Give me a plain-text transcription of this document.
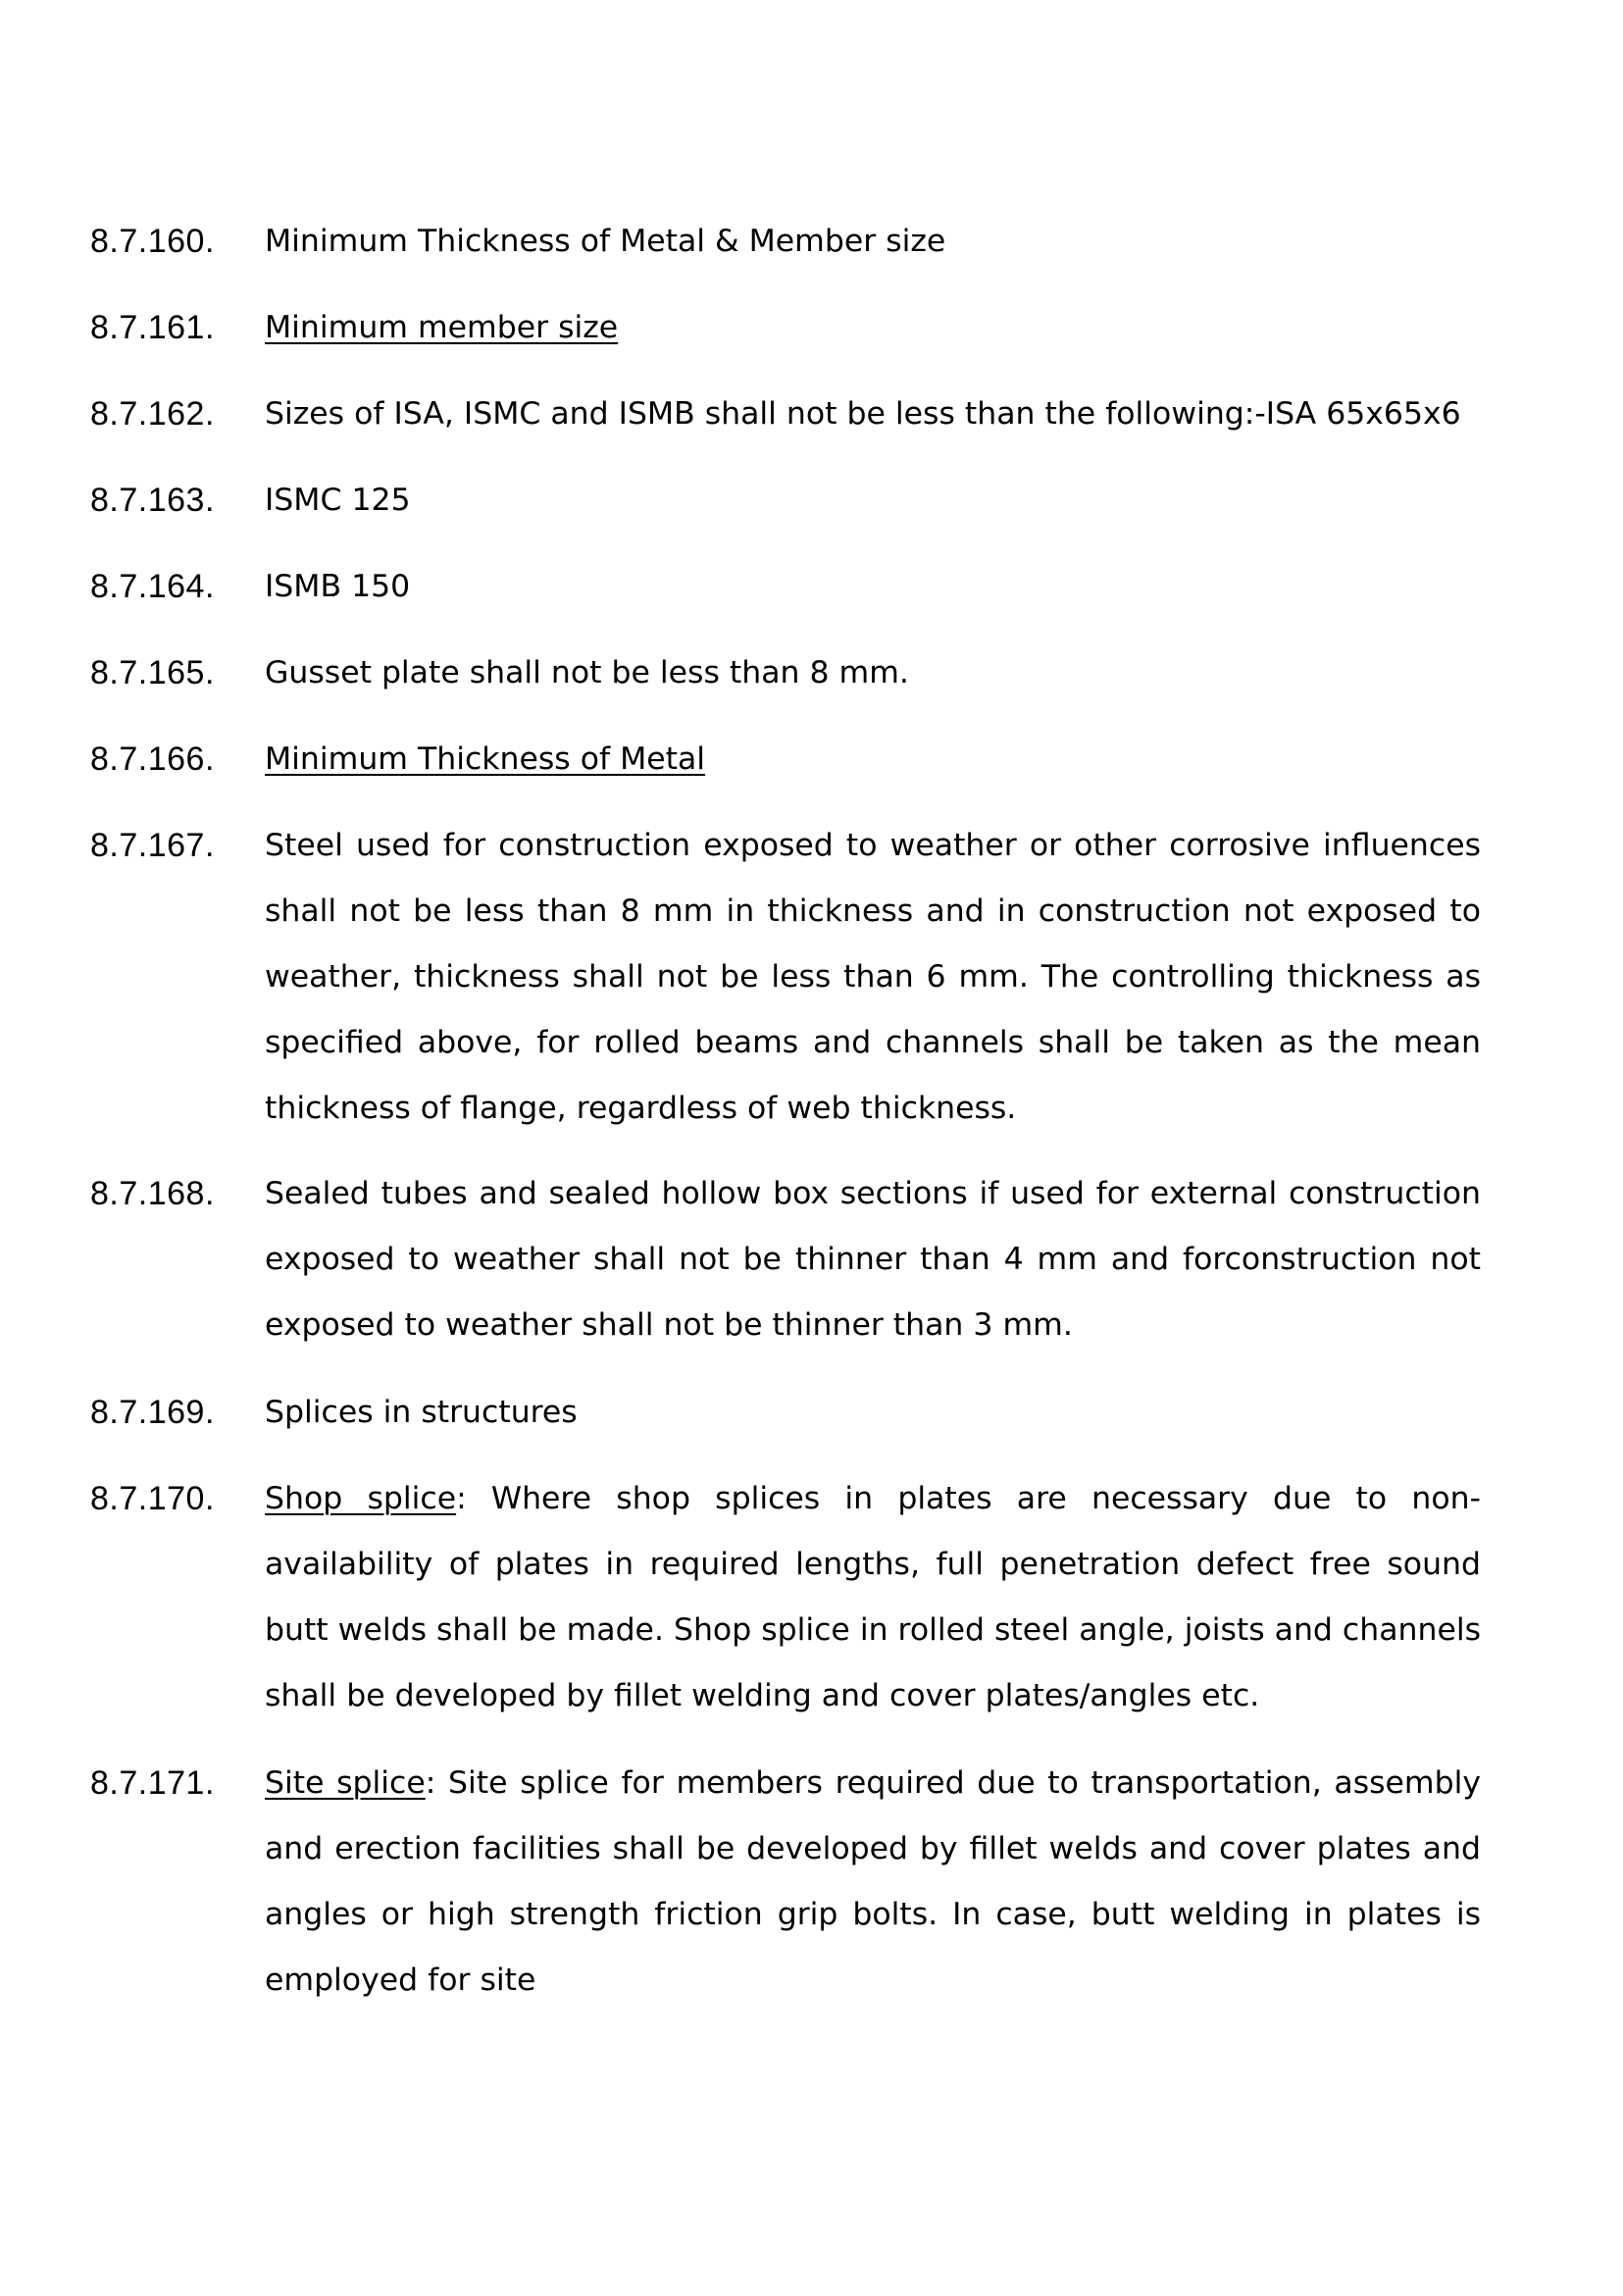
8.7.160. Minimum Thickness of Metal & Member size
8.7.161. Minimum member size
8.7.162. Sizes of ISA, ISMC and ISMB shall not be less than the following:-ISA 65x65x6
8.7.163. ISMC 125
8.7.164. ISMB 150
8.7.165. Gusset plate shall not be less than 8 mm.
8.7.166. Minimum Thickness of Metal
8.7.167. Steel used for construction exposed to weather or other corrosive influences shall not be less than 8 mm in thickness and in construction not exposed to weather, thickness shall not be less than 6 mm. The controlling thickness as specified above, for rolled beams and channels shall be taken as the mean thickness of flange, regardless of web thickness.
8.7.168. Sealed tubes and sealed hollow box sections if used for external construction exposed to weather shall not be thinner than 4 mm and forconstruction not exposed to weather shall not be thinner than 3 mm.
8.7.169. Splices in structures
8.7.170. Shop splice: Where shop splices in plates are necessary due to non- availability of plates in required lengths, full penetration defect free sound butt welds shall be made. Shop splice in rolled steel angle, joists and channels shall be developed by fillet welding and cover plates/angles etc.
8.7.171. Site splice: Site splice for members required due to transportation, assembly and erection facilities shall be developed by fillet welds and cover plates and angles or high strength friction grip bolts. In case, butt welding in plates is employed for site
